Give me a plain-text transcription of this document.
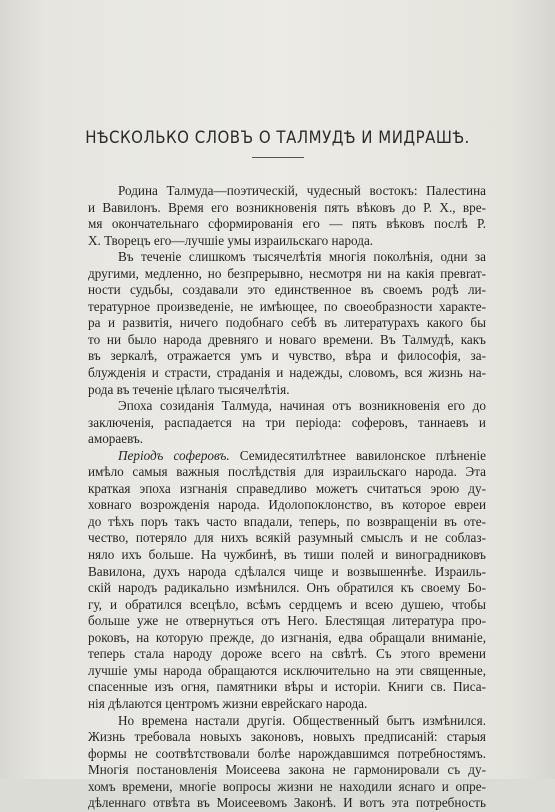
НѢСКОЛЬКО СЛОВЪ О ТАЛМУДѢ И МИДРАШѢ.
Родина Талмуда—поэтическiй, чудесный востокъ: Палестина
и Вавилонъ. Время его возникновенiя пять вѣковъ до Р. Х., вре-
мя окончательнаго сформированiя его — пять вѣковъ послѣ Р.
Х. Творецъ его—лучшiе умы израильскаго народа.
Въ теченiе слишкомъ тысячелѣтiя многiя поколѣнiя, одни за
другими, медленно, но безпрерывно, несмотря ни на какiя превrат-
ности судьбы, создавали это единственное въ своемъ родѣ ли-
тературное произведенiе, не имѣющее, по своеобразности характе-
ра и развитiя, ничего подобнаго себѣ въ литературахъ какого бы
то ни было народа древняго и новаго времени. Въ Талмудѣ, какъ
въ зеркалѣ, отражается умъ и чувство, вѣра и философiя, за-
блужденiя и страсти, страданiя и надежды, словомъ, вся жизнь на-
рода въ теченiе цѣлаго тысячелѣтiя.
Эпоха созиданiя Талмуда, начиная отъ возникновенiя его до
заключенiя, распадается на три перiода: соферовъ, таннаевъ и
амораевъ.
Перiодъ соферовъ. Семидесятилѣтнее вавилонское плѣненiе
имѣло самыя важныя послѣдствiя для израильскаго народа. Эта
краткая эпоха изгнанiя справедливо можетъ считаться эрою ду-
ховнаго возрожденiя народа. Идолопоклонство, въ которое евреи
до тѣхъ поръ такъ часто впадали, теперь, по возвращенiи въ оте-
чество, потеряло для нихъ всякiй разумный смыслъ и не соблаз-
няло ихъ больше. На чужбинѣ, въ тиши полей и виноградниковъ
Вавилона, духъ народа сдѣлался чище и возвышеннѣе. Израиль-
скiй народъ радикально измѣнился. Онъ обратился къ своему Бо-
гу, и обратился всецѣло, всѣмъ сердцемъ и всею душею, чтобы
больше уже не отвернуться отъ Него. Блестящая литература про-
роковъ, на которую прежде, до изгнанiя, едва обращали вниманiе,
теперь стала народу дороже всего на свѣтѣ. Съ этого времени
лучшiе умы народа обращаются исключительно на эти священные,
спасенные изъ огня, памятники вѣры и исторiи. Книги св. Писа-
нiя дѣлаются центромъ жизни еврейскаго народа.
Но времена настали другiя. Общественный бытъ измѣнился.
Жизнь требовала новыхъ законовъ, новыхъ предписанiй: старыя
формы не соотвѣтствовали болѣе нарождавшимся потребностямъ.
Многiя постановленiя Моисеева закона не гармонировали съ ду-
хомъ времени, многiе вопросы жизни не находили яснаго и опре-
дѣленнаго отвѣта въ Моисеевомъ Законѣ. И вотъ эта потребность
